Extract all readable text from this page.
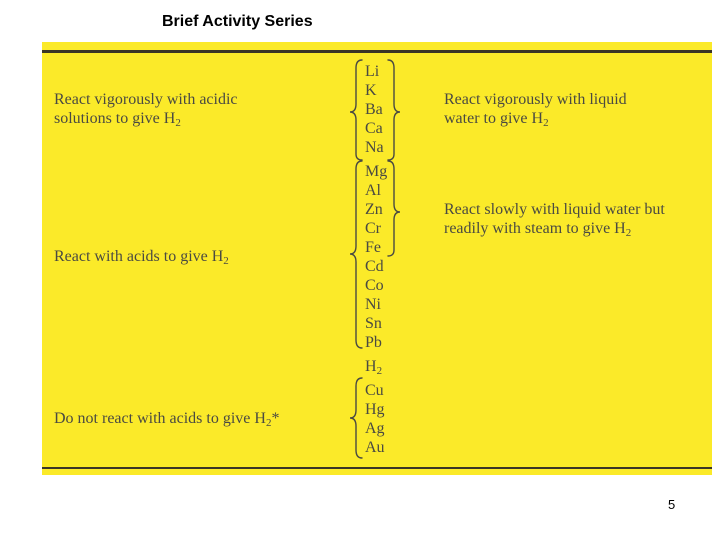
Brief Activity Series
React vigorously with acidic
solutions to give $H_2$
React with acids to give $H_2$
Do not react with acids to give $H_2*$
React vigorously with liquid
water to give $H_2$
React slowly with liquid water but
readily with steam to give $H_2$
Li
K
Ba
Ca
Na
Mg
Al
Zn
Cr
Fe
Cd
Co
Ni
Sn
Pb
$H_2$
Cu
Hg
Ag
Au
5
